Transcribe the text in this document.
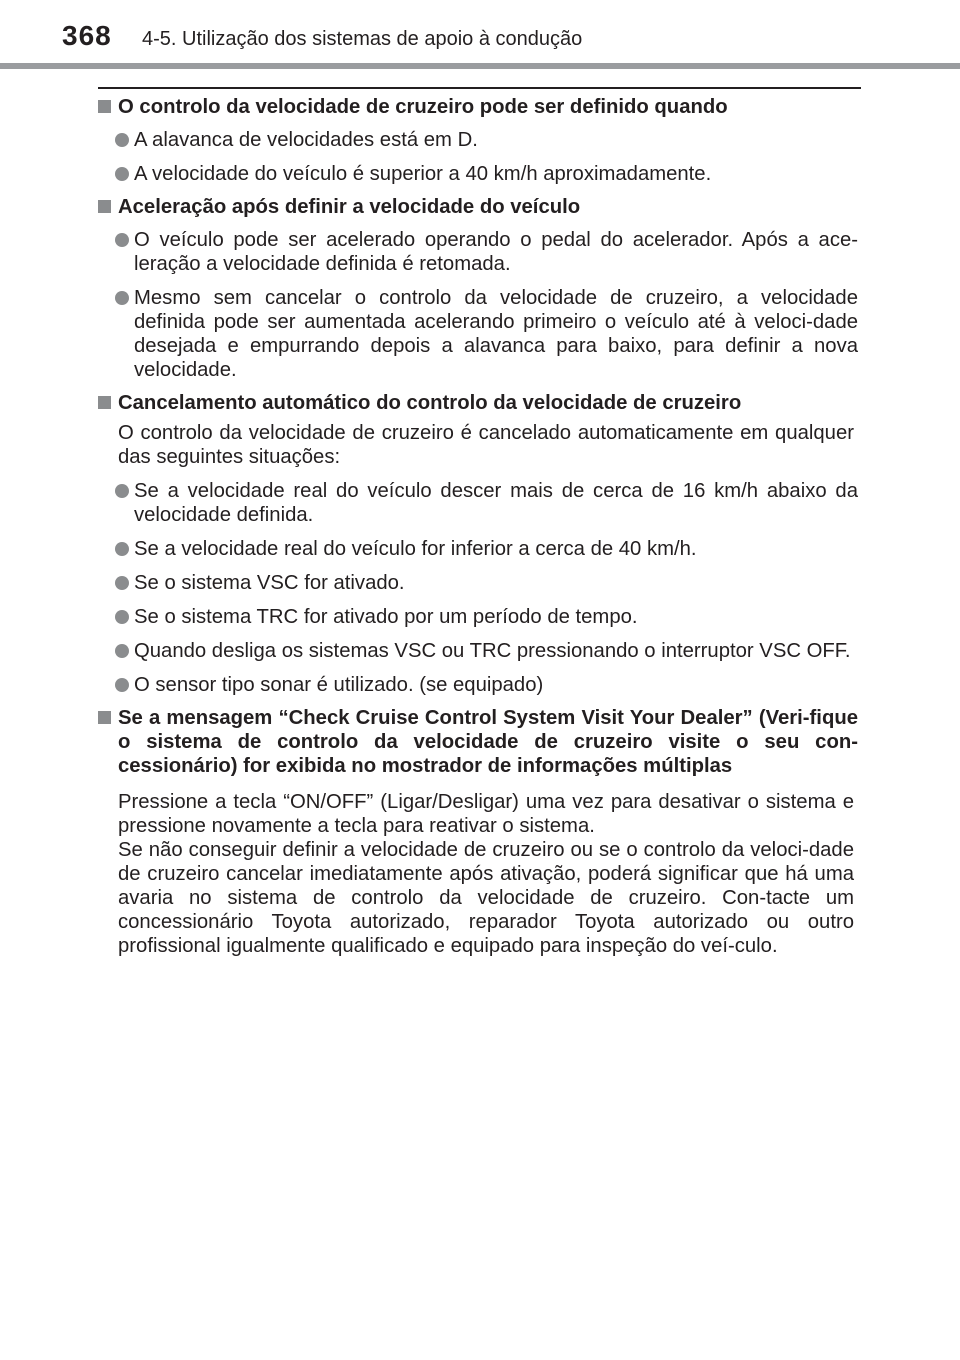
368 4-5. Utilização dos sistemas de apoio à condução
O controlo da velocidade de cruzeiro pode ser definido quando
A alavanca de velocidades está em D.
A velocidade do veículo é superior a 40 km/h aproximadamente.
Aceleração após definir a velocidade do veículo
O veículo pode ser acelerado operando o pedal do acelerador. Após a ace-leração a velocidade definida é retomada.
Mesmo sem cancelar o controlo da velocidade de cruzeiro, a velocidade definida pode ser aumentada acelerando primeiro o veículo até à veloci-dade desejada e empurrando depois a alavanca para baixo, para definir a nova velocidade.
Cancelamento automático do controlo da velocidade de cruzeiro
O controlo da velocidade de cruzeiro é cancelado automaticamente em qualquer das seguintes situações:
Se a velocidade real do veículo descer mais de cerca de 16 km/h abaixo da velocidade definida.
Se a velocidade real do veículo for inferior a cerca de 40 km/h.
Se o sistema VSC for ativado.
Se o sistema TRC for ativado por um período de tempo.
Quando desliga os sistemas VSC ou TRC pressionando o interruptor VSC OFF.
O sensor tipo sonar é utilizado. (se equipado)
Se a mensagem “Check Cruise Control System Visit Your Dealer” (Veri-fique o sistema de controlo da velocidade de cruzeiro visite o seu con-cessionário) for exibida no mostrador de informações múltiplas
Pressione a tecla “ON/OFF” (Ligar/Desligar) uma vez para desativar o sistema e pressione novamente a tecla para reativar o sistema.
Se não conseguir definir a velocidade de cruzeiro ou se o controlo da veloci-dade de cruzeiro cancelar imediatamente após ativação, poderá significar que há uma avaria no sistema de controlo da velocidade de cruzeiro. Con-tacte um concessionário Toyota autorizado, reparador Toyota autorizado ou outro profissional igualmente qualificado e equipado para inspeção do veí-culo.
